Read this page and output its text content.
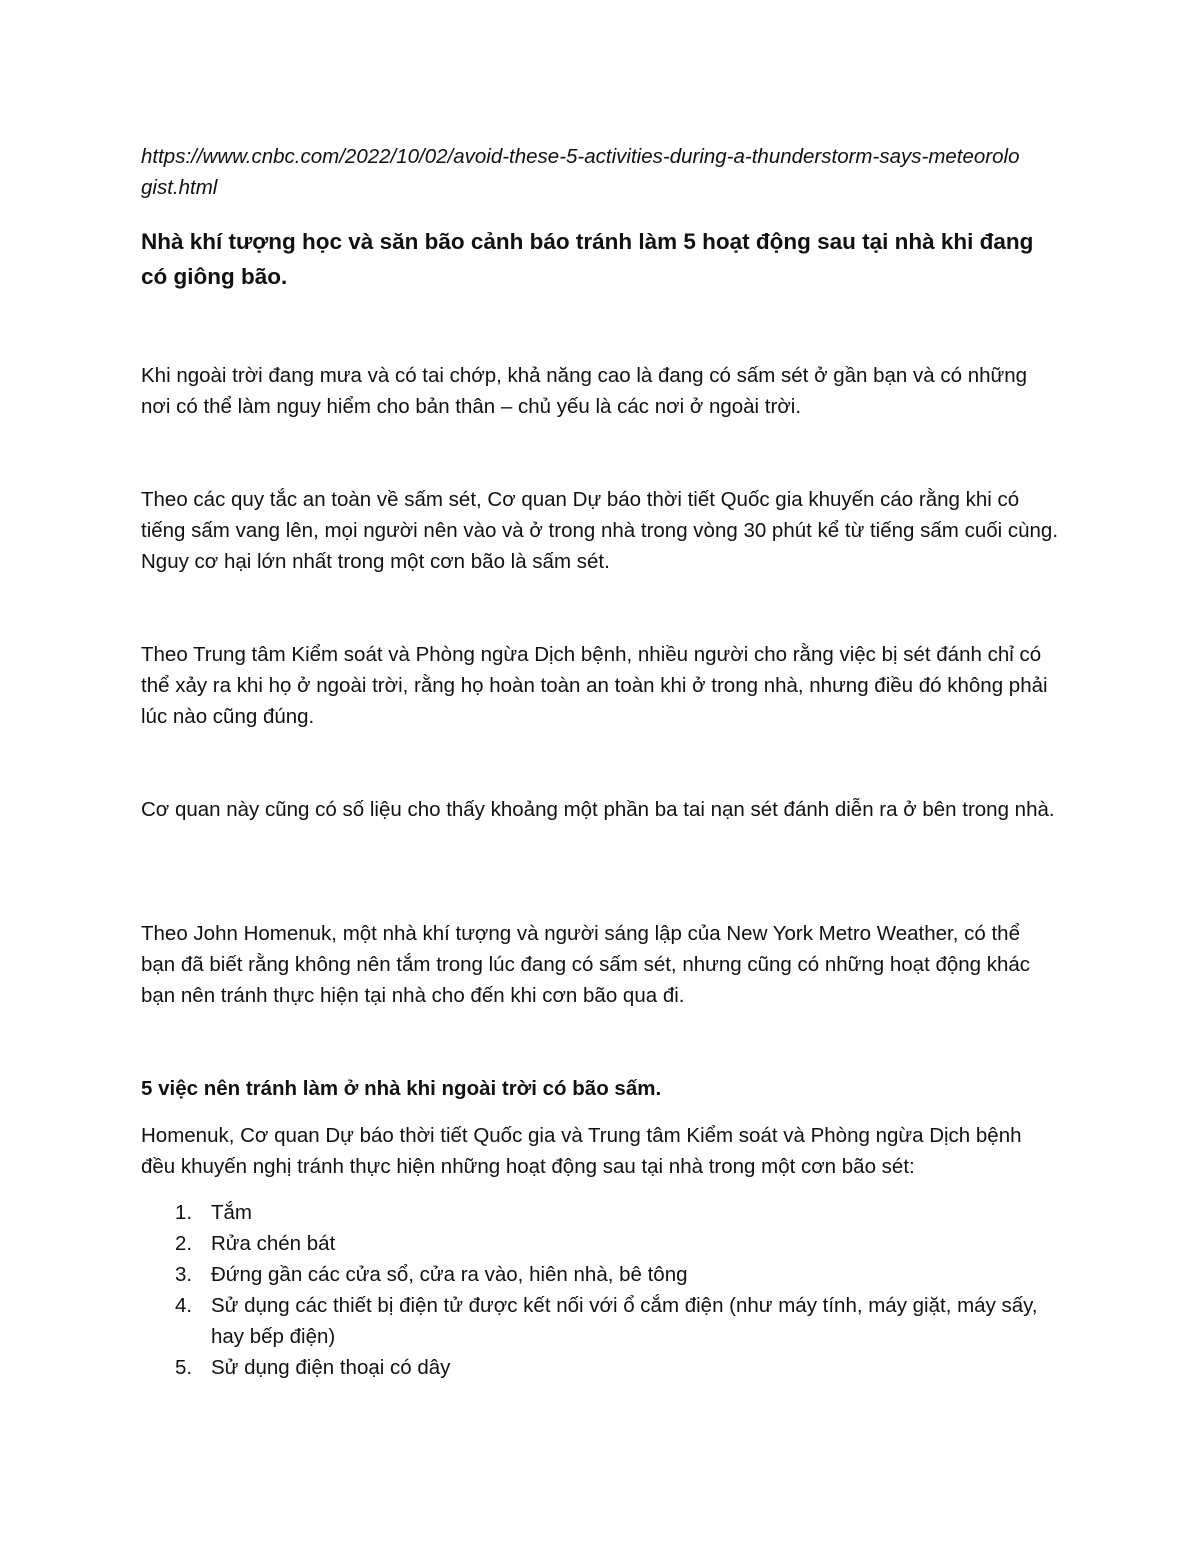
https://www.cnbc.com/2022/10/02/avoid-these-5-activities-during-a-thunderstorm-says-meteorologist.html

Nhà khí tượng học và săn bão cảnh báo tránh làm 5 hoạt động sau tại nhà khi đang có giông bão.

Khi ngoài trời đang mưa và có tai chớp, khả năng cao là đang có sấm sét ở gần bạn và có những nơi có thể làm nguy hiểm cho bản thân – chủ yếu là các nơi ở ngoài trời.

Theo các quy tắc an toàn về sấm sét, Cơ quan Dự báo thời tiết Quốc gia khuyến cáo rằng khi có tiếng sấm vang lên, mọi người nên vào và ở trong nhà trong vòng 30 phút kể từ tiếng sấm cuối cùng. Nguy cơ hại lớn nhất trong một cơn bão là sấm sét.

Theo Trung tâm Kiểm soát và Phòng ngừa Dịch bệnh, nhiều người cho rằng việc bị sét đánh chỉ có thể xảy ra khi họ ở ngoài trời, rằng họ hoàn toàn an toàn khi ở trong nhà, nhưng điều đó không phải lúc nào cũng đúng.

Cơ quan này cũng có số liệu cho thấy khoảng một phần ba tai nạn sét đánh diễn ra ở bên trong nhà.

Theo John Homenuk, một nhà khí tượng và người sáng lập của New York Metro Weather, có thể bạn đã biết rằng không nên tắm trong lúc đang có sấm sét, nhưng cũng có những hoạt động khác bạn nên tránh thực hiện tại nhà cho đến khi cơn bão qua đi.

5 việc nên tránh làm ở nhà khi ngoài trời có bão sấm.

Homenuk, Cơ quan Dự báo thời tiết Quốc gia và Trung tâm Kiểm soát và Phòng ngừa Dịch bệnh đều khuyến nghị tránh thực hiện những hoạt động sau tại nhà trong một cơn bão sét:

1. Tắm
2. Rửa chén bát
3. Đứng gần các cửa sổ, cửa ra vào, hiên nhà, bê tông
4. Sử dụng các thiết bị điện tử được kết nối với ổ cắm điện (như máy tính, máy giặt, máy sấy, hay bếp điện)
5. Sử dụng điện thoại có dây
